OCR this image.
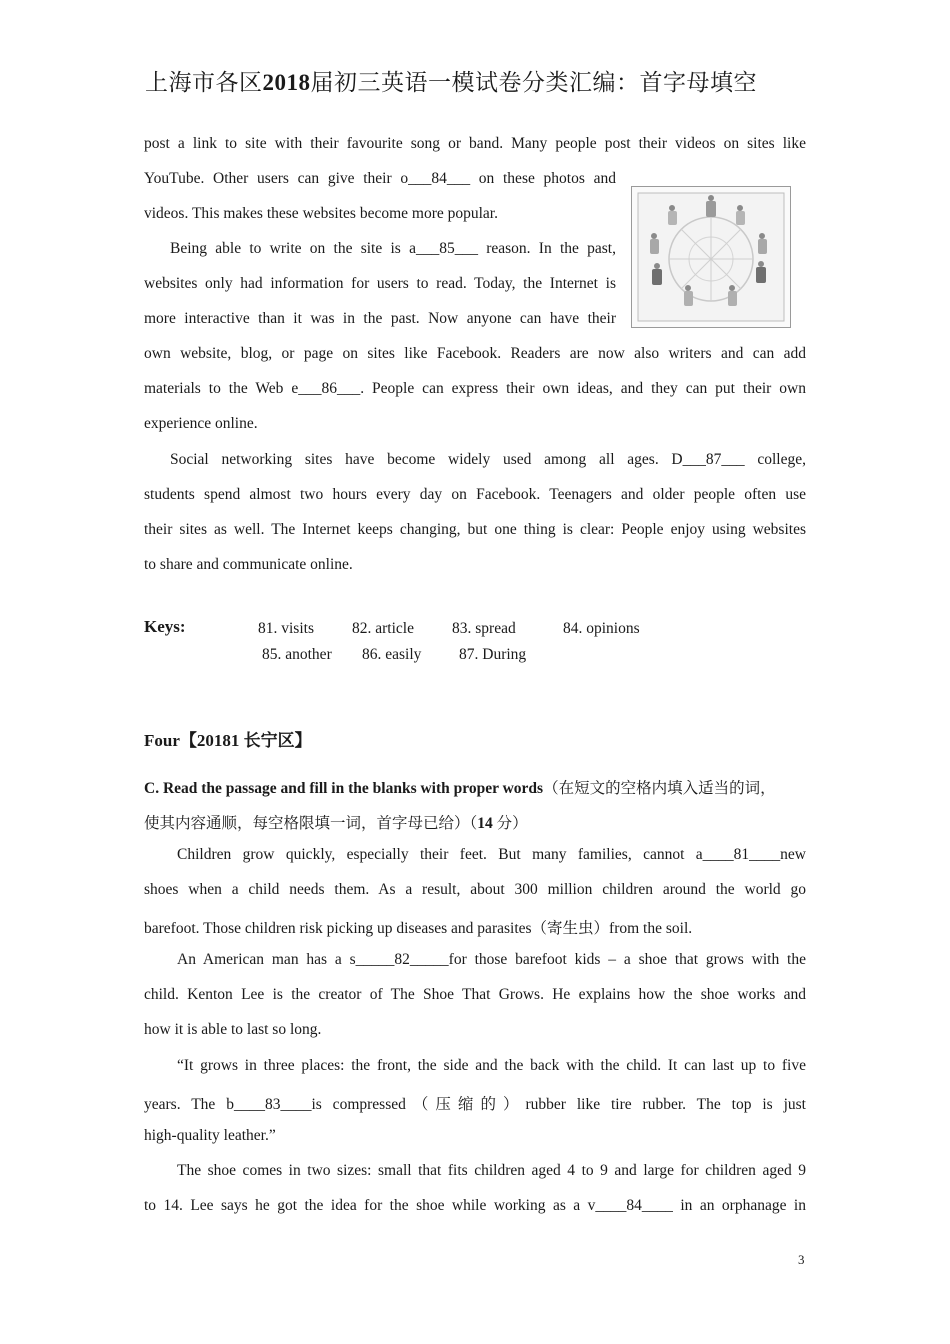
上海市各区2018届初三英语一模试卷分类汇编：首字母填空
post a link to site with their favourite song or band. Many people post their videos on sites like
YouTube. Other users can give their o___84___ on these photos and
videos. This makes these websites become more popular.
Being able to write on the site is a___85___ reason. In the past,
websites only had information for users to read. Today, the Internet is
more interactive than it was in the past. Now anyone can have their
own website, blog, or page on sites like Facebook. Readers are now also writers and can add
materials to the Web e___86___. People can express their own ideas, and they can put their own
experience online.
Social networking sites have become widely used among all ages. D___87___ college,
students spend almost two hours every day on Facebook. Teenagers and older people often use
their sites as well. The Internet keeps changing, but one thing is clear: People enjoy using websites
to share and communicate online.
Keys:	81. visits 82. article 83. spread	84. opinions
85. another 86. easily 87. During
Four【20181 长宁区】
C. Read the passage and fill in the blanks with proper words（在短文的空格内填入适当的词，
使其内容通顺，每空格限填一词，首字母已给）（14 分）
Children grow quickly, especially their feet. But many families, cannot a____81____new
shoes when a child needs them. As a result, about 300 million children around the world go
barefoot. Those children risk picking up diseases and parasites（寄生虫）from the soil.
An American man has a s_____82_____for those barefoot kids – a shoe that grows with the
child. Kenton Lee is the creator of The Shoe That Grows. He explains how the shoe works and
how it is able to last so long.
“It grows in three places: the front, the side and the back with the child. It can last up to five
years. The b____83____is compressed（压缩的）rubber like tire rubber. The top is just
high-quality leather.”
The shoe comes in two sizes: small that fits children aged 4 to 9 and large for children aged 9
to 14. Lee says he got the idea for the shoe while working as a v____84____ in an orphanage in
3
